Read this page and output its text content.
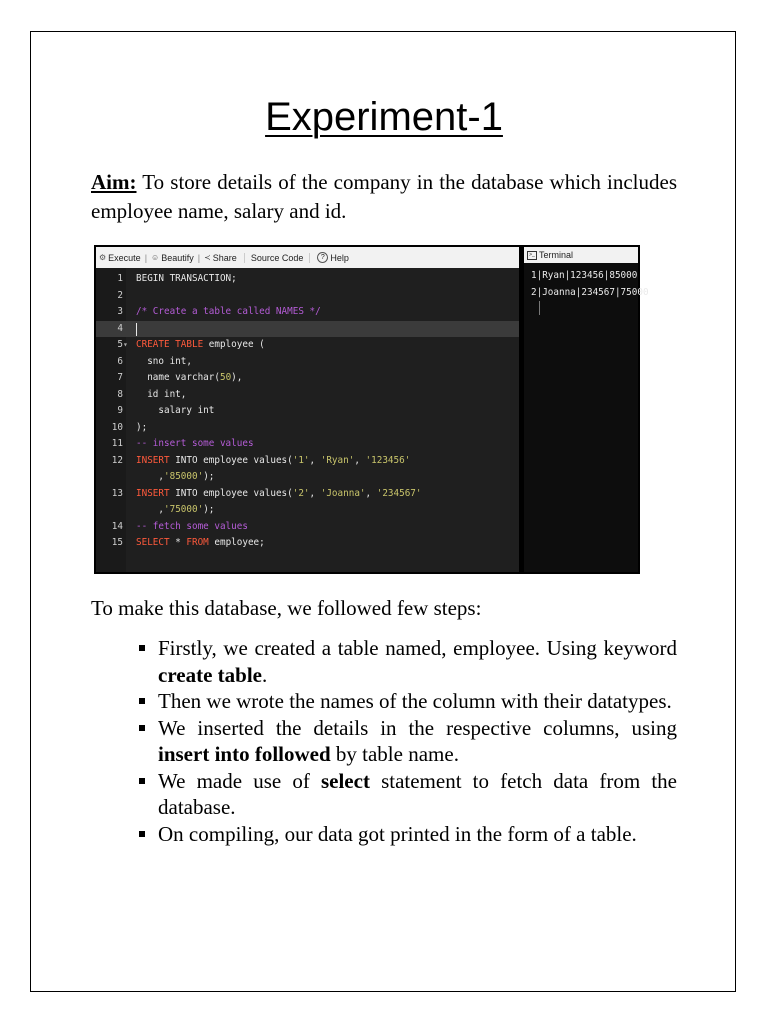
Experiment-1
Aim: To store details of the company in the database which includes employee name, salary and id.
⚙ Execute | ☺ Beautify | ≺ Share	Source Code	? Help
1 BEGIN TRANSACTION;
2
3 /* Create a table called NAMES */
4
5 ▾ CREATE TABLE employee (
6 sno int,
7 name varchar(50),
8 id int,
9 salary int
10 );
11 -- insert some values
12 INSERT INTO employee values('1', 'Ryan', '123456'
,'85000');
13 INSERT INTO employee values('2', 'Joanna', '234567'
,'75000');
14 -- fetch some values
15 SELECT * FROM employee;
>_ Terminal
1|Ryan|123456|85000
2|Joanna|234567|75000
To make this database, we followed few steps:
Firstly, we created a table named, employee. Using keyword create table.
Then we wrote the names of the column with their datatypes.
We inserted the details in the respective columns, using insert into followed by table name.
We made use of select statement to fetch data from the database.
On compiling, our data got printed in the form of a table.
